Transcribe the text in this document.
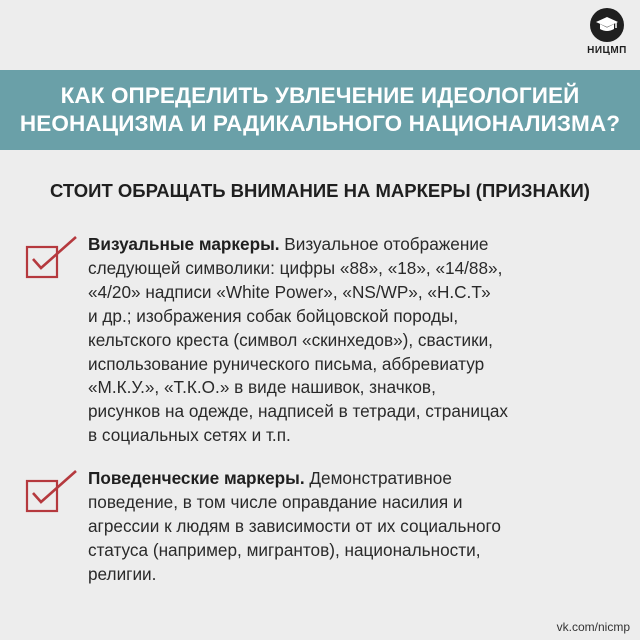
НИЦМП
КАК ОПРЕДЕЛИТЬ УВЛЕЧЕНИЕ ИДЕОЛОГИЕЙ
НЕОНАЦИЗМА И РАДИКАЛЬНОГО НАЦИОНАЛИЗМА?
СТОИТ ОБРАЩАТЬ ВНИМАНИЕ НА МАРКЕРЫ (ПРИЗНАКИ)
Визуальные маркеры. Визуальное отображение
следующей символики: цифры «88», «18», «14/88»,
«4/20» надписи «White Power», «NS/WP», «Н.С.Т»
и др.; изображения собак бойцовской породы,
кельтского креста (символ «скинхедов»), свастики,
использование рунического письма, аббревиатур
«М.К.У.», «Т.К.О.» в виде нашивок, значков,
рисунков на одежде, надписей в тетради, страницах
в социальных сетях и т.п.
Поведенческие маркеры. Демонстративное
поведение, в том числе оправдание насилия и
агрессии к людям в зависимости от их социального
статуса (например, мигрантов), национальности,
религии.
vk.com/nicmp
